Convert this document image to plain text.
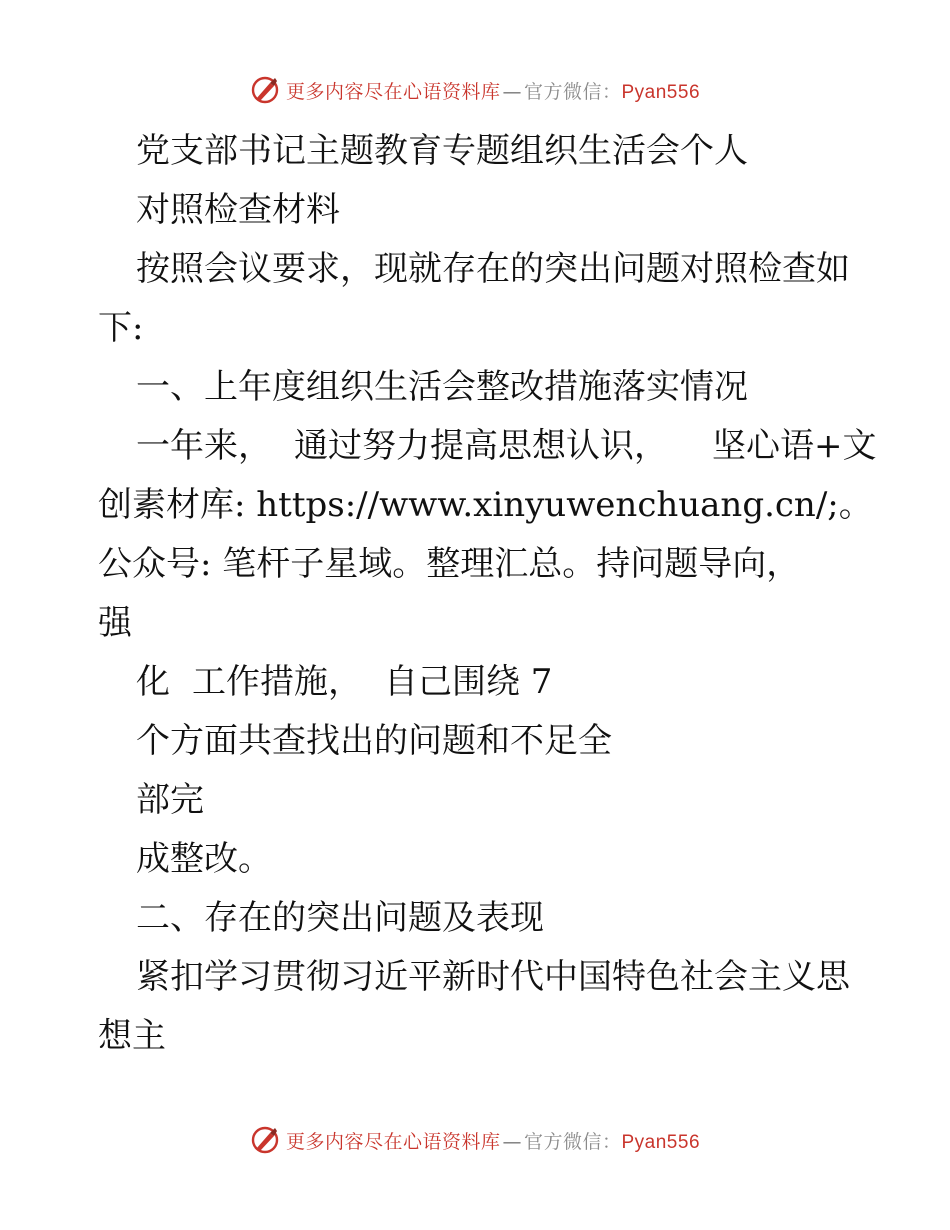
更多内容尽在心语资料库 — 官方微信：Pyan556

党支部书记主题教育专题组织生活会个人

对照检查材料

按照会议要求，现就存在的突出问题对照检查如

下:

一、上年度组织生活会整改措施落实情况

一年来， 通过努力提高思想认识， 坚心语+文

创素材库: https://www.xinyuwenchuang.cn/;。

公众号: 笔杆子星域。整理汇总。持问题导向，

强

化 工作措施， 自己围绕 7

个方面共查找出的问题和不足全

部完

成整改。

二、存在的突出问题及表现

紧扣学习贯彻习近平新时代中国特色社会主义思

想主

更多内容尽在心语资料库 — 官方微信：Pyan556
